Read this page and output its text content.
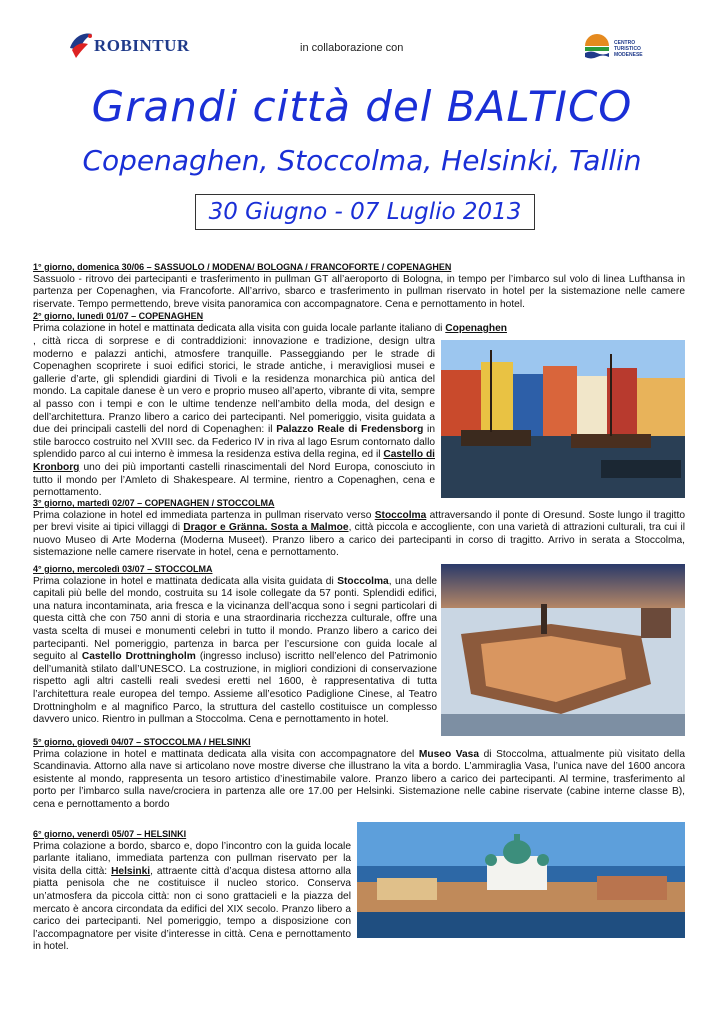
ROBINTUR	in collaborazione con	CENTRO
TURISTICO
MODENESE
Grandi città del BALTICO
Copenaghen, Stoccolma, Helsinki, Tallin
30 Giugno - 07 Luglio 2013

1° giorno, domenica 30/06 – SASSUOLO / MODENA/ BOLOGNA / FRANCOFORTE / COPENAGHEN

Sassuolo - ritrovo dei partecipanti e trasferimento in pullman GT all’aeroporto di Bologna, in tempo per l’imbarco sul volo di linea Lufthansa in partenza per Copenaghen, via Francoforte. All’arrivo, sbarco e trasferimento in pullman riservato in hotel per la sistemazione nelle camere riservate. Tempo permettendo, breve visita panoramica con accompagnatore. Cena e pernottamento in hotel.

2° giorno, lunedì 01/07 – COPENAGHEN

Prima colazione in hotel e mattinata dedicata alla visita con guida locale parlante italiano di Copenaghen

, città ricca di sorprese e di contraddizioni: innovazione e tradizione, design ultra moderno e palazzi antichi, atmosfere tranquille. Passeggiando per le strade di Copenaghen scoprirete i suoi edifici storici, le strade antiche, i meravigliosi musei e gallerie d’arte, gli splendidi giardini di Tivoli e la residenza monarchica più antica del mondo. La capitale danese è un vero e proprio museo all’aperto, vibrante di vita, sempre al passo con i tempi e con le ultime tendenze nell’ambito della moda, del design e dell’architettura. Pranzo libero a carico dei partecipanti. Nel pomeriggio, visita guidata a due dei principali castelli del nord di Copenaghen: il Palazzo Reale di Fredensborg in stile barocco costruito nel XVIII sec. da Federico IV in riva al lago Esrum contornato dallo splendido parco al cui interno è immesa la residenza estiva della regina, ed il Castello di Kronborg uno dei più importanti castelli rinascimentali del Nord Europa, conosciuto in tutto il mondo per l’Amleto di Shakespeare. Al termine, rientro a Copenaghen, cena e pernottamento.

3° giorno, martedì 02/07 – COPENAGHEN / STOCCOLMA

Prima colazione in hotel ed immediata partenza in pullman riservato verso Stoccolma attraversando il ponte di Oresund. Soste lungo il tragitto per brevi visite ai tipici villaggi di Dragor e Gränna. Sosta a Malmoe, città piccola e accogliente, con una varietà di attrazioni culturali, tra cui il nuovo Museo di Arte Moderna (Moderna Museet). Pranzo libero a carico dei partecipanti in corso di tragitto. Arrivo in serata a Stoccolma, sistemazione nelle camere riservate in hotel, cena e pernottamento.

4° giorno, mercoledì 03/07 – STOCCOLMA

Prima colazione in hotel e mattinata dedicata alla visita guidata di Stoccolma, una delle capitali più belle del mondo, costruita su 14 isole collegate da 57 ponti. Splendidi edifici, una natura incontaminata, aria fresca e la vicinanza dell’acqua sono i segni particolari di questa città che con 750 anni di storia e una straordinaria ricchezza culturale, offre una vasta scelta di musei e monumenti celebri in tutto il mondo. Pranzo libero a carico dei partecipanti. Nel pomeriggio, partenza in barca per l’escursione con guida locale al seguito al Castello Drottningholm (ingresso incluso) iscritto nell’elenco del Patrimonio dell’umanità stilato dall’UNESCO. La costruzione, in migliori condizioni di conservazione rispetto agli altri castelli reali svedesi eretti nel 1600, è rappresentativa di tutta l’architettura reale europea del tempo. Assieme all’esotico Padiglione Cinese, al Teatro Drottningholm e al magnifico Parco, la struttura del castello costituisce un complesso davvero unico. Rientro in pullman a Stoccolma. Cena e pernottamento in hotel.

5° giorno, giovedì 04/07 – STOCCOLMA / HELSINKI

Prima colazione in hotel e mattinata dedicata alla visita con accompagnatore del Museo Vasa di Stoccolma, attualmente più visitato della Scandinavia. Attorno alla nave si articolano nove mostre diverse che illustrano la vita a bordo. L’ammiraglia Vasa, l’unica nave del 1600 ancora esistente al mondo, rappresenta un tesoro artistico d’inestimabile valore. Pranzo libero a carico dei partecipanti. Al termine, trasferimento al porto per l’imbarco sulla nave/crociera in partenza alle ore 17.00 per Helsinki. Sistemazione nelle cabine riservate (cabine interne classe B), cena e pernottamento a bordo

6° giorno, venerdì 05/07 – HELSINKI

Prima colazione a bordo, sbarco e, dopo l’incontro con la guida locale parlante italiano, immediata partenza con pullman riservato per la visita della città: Helsinki, attraente città d’acqua distesa attorno alla piatta penisola che ne costituisce il nucleo storico. Conserva un’atmosfera da piccola città: non ci sono grattacieli e la piazza del mercato è ancora circondata da edifici del XIX secolo. Pranzo libero a carico dei partecipanti. Nel pomeriggio, tempo a disposizione con l’accompagnatore per visite d’interesse in città. Cena e pernottamento in hotel.
